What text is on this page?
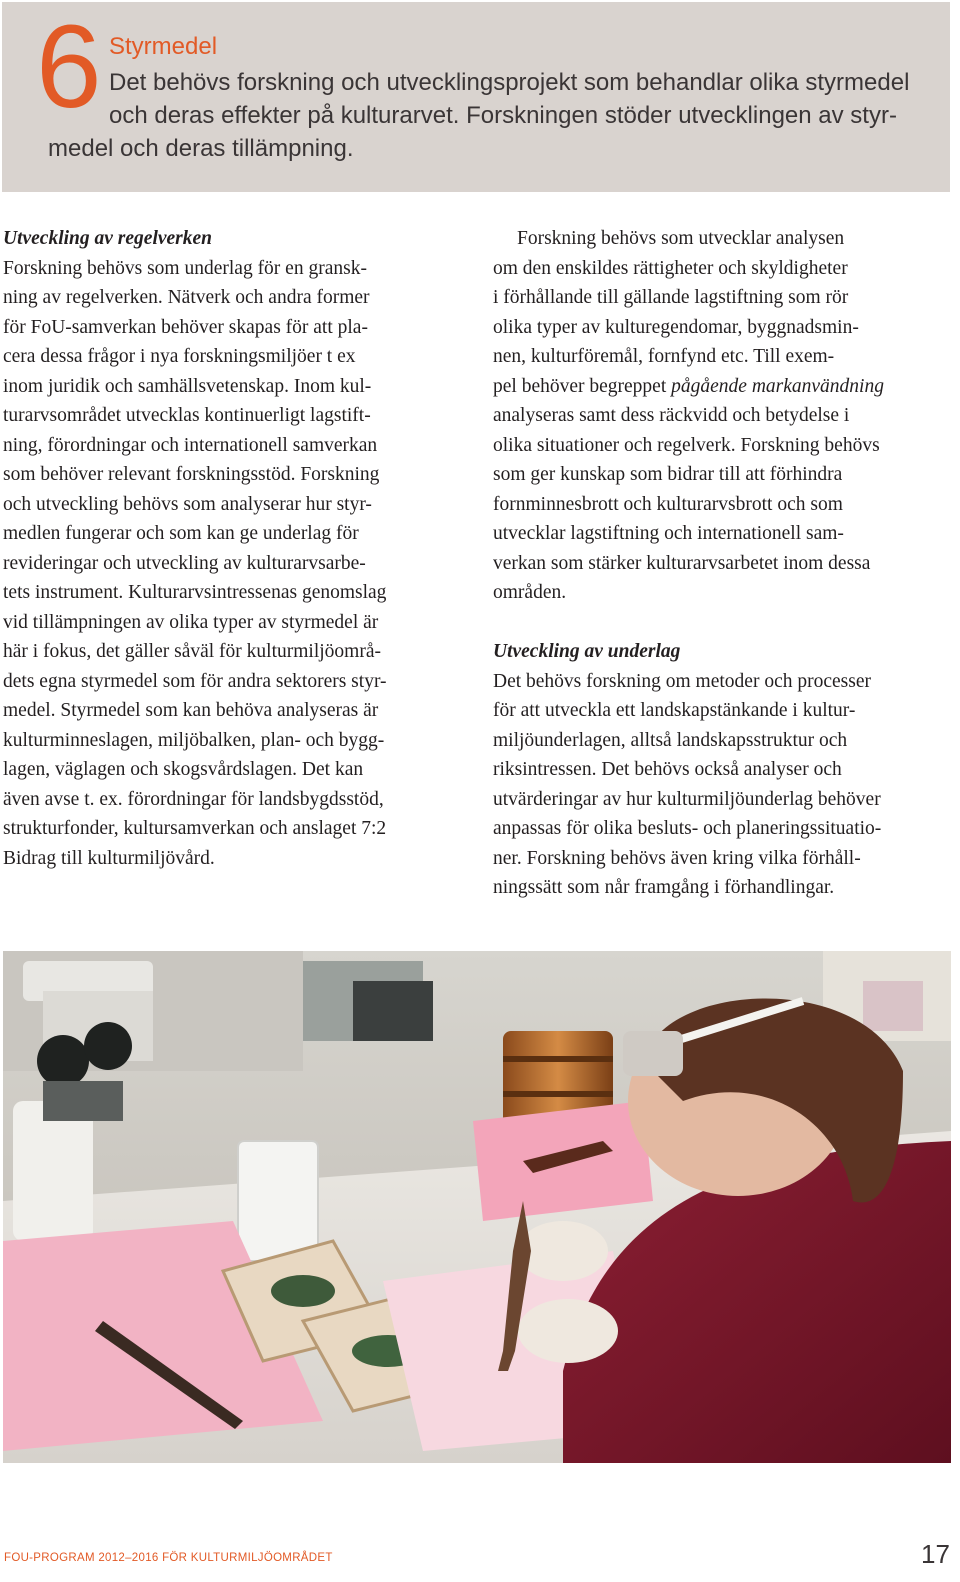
6 Styrmedel
Det behövs forskning och utvecklingsprojekt som behandlar olika styrmedel
och deras effekter på kulturarvet. Forskningen stöder utvecklingen av styr-
medel och deras tillämpning.
Utveckling av regelverken
Forskning behövs som underlag för en gransk-
ning av regelverken. Nätverk och andra former
för FoU-samverkan behöver skapas för att pla-
cera dessa frågor i nya forskningsmiljöer t ex
inom juridik och samhällsvetenskap. Inom kul-
turarvsområdet utvecklas kontinuerligt lagstift-
ning, förordningar och internationell samverkan
som behöver relevant forskningsstöd. Forskning
och utveckling behövs som analyserar hur styr-
medlen fungerar och som kan ge underlag för
revideringar och utveckling av kulturarvsarbe-
tets instrument. Kulturarvsintressenas genomslag
vid tillämpningen av olika typer av styrmedel är
här i fokus, det gäller såväl för kulturmiljöområ-
dets egna styrmedel som för andra sektorers styr-
medel. Styrmedel som kan behöva analyseras är
kulturminneslagen, miljöbalken, plan- och bygg-
lagen, väglagen och skogsvårdslagen. Det kan
även avse t. ex. förordningar för landsbygdsstöd,
strukturfonder, kultursamverkan och anslaget 7:2
Bidrag till kulturmiljövård.
Forskning behövs som utvecklar analysen
om den enskildes rättigheter och skyldigheter
i förhållande till gällande lagstiftning som rör
olika typer av kulturegendomar, byggnadsmin-
nen, kulturföremål, fornfynd etc. Till exem-
pel behöver begreppet pågående markanvändning
analyseras samt dess räckvidd och betydelse i
olika situationer och regelverk. Forskning behövs
som ger kunskap som bidrar till att förhindra
fornminnesbrott och kulturarvsbrott och som
utvecklar lagstiftning och internationell sam-
verkan som stärker kulturarvsarbetet inom dessa
områden.
Utveckling av underlag
Det behövs forskning om metoder och processer
för att utveckla ett landskapstänkande i kultur-
miljöunderlagen, alltså landskapsstruktur och
riksintressen. Det behövs också analyser och
utvärderingar av hur kulturmiljöunderlag behöver
anpassas för olika besluts- och planeringssituatio-
ner. Forskning behövs även kring vilka förhåll-
ningssätt som når framgång i förhandlingar.
FOU-PROGRAM 2012–2016 FÖR KULTURMILJÖOMRÅDET	17
